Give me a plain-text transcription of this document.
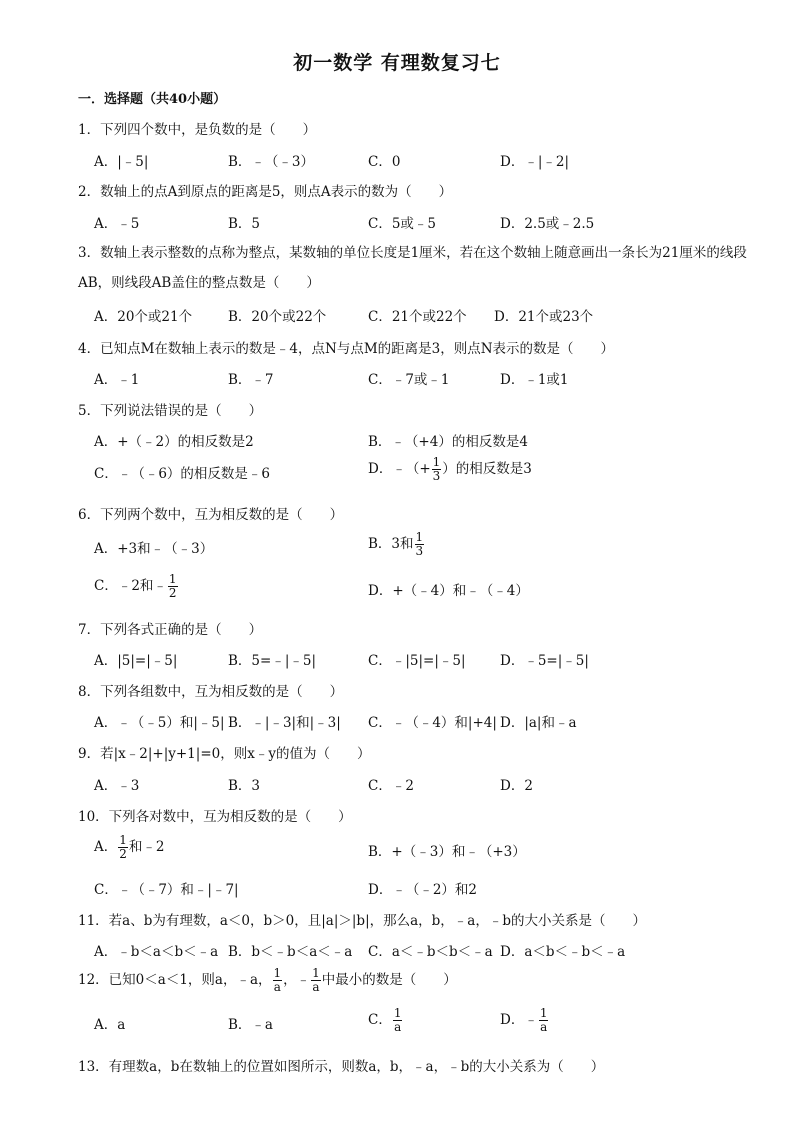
初一数学 有理数复习七
一．选择题（共40小题）
1．下列四个数中，是负数的是（　　）
A．|﹣5|	B．﹣（﹣3）	C．0	D．﹣|﹣2|
2．数轴上的点A到原点的距离是5，则点A表示的数为（　　）
A．﹣5	B．5	C．5或﹣5	D．2.5或﹣2.5
3．数轴上表示整数的点称为整点，某数轴的单位长度是1厘米，若在这个数轴上随意画出一条长为21厘米的线段AB，则线段AB盖住的整点数是（　　）
A．20个或21个	B．20个或22个	C．21个或22个 D．21个或23个
4．已知点M在数轴上表示的数是﹣4，点N与点M的距离是3，则点N表示的数是（　　）
A．﹣1	B．﹣7	C．﹣7或﹣1	D．﹣1或1
5．下列说法错误的是（　　）
A．+（﹣2）的相反数是2	B．﹣（+4）的相反数是4
C．﹣（﹣6）的相反数是﹣6	D．﹣（+ $\frac{1}{3}$ ）的相反数是3
6．下列两个数中，互为相反数的是（　　）
A．+3和﹣（﹣3）	B．3和 $\frac{1}{3}$
C．﹣2和﹣ $\frac{1}{2}$	D．+（﹣4）和﹣（﹣4）
7．下列各式正确的是（　　）
A．|5|=|﹣5|	B．5=﹣|﹣5|	C．﹣|5|=|﹣5|	D．﹣5=|﹣5|
8．下列各组数中，互为相反数的是（　　）
A．﹣（﹣5）和|﹣5| B．﹣|﹣3|和|﹣3| C．﹣（﹣4）和|+4| D．|a|和﹣a
9．若|x﹣2|+|y+1|=0，则x﹣y的值为（　　）
A．﹣3	B．3	C．﹣2	D．2
10．下列各对数中，互为相反数的是（　　）
A． $\frac{1}{2}$ 和﹣2	B．+（﹣3）和﹣（+3）
C．﹣（﹣7）和﹣|﹣7|	D．﹣（﹣2）和2
11．若a、b为有理数，a＜0，b＞0，且|a|＞|b|，那么a，b，﹣a，﹣b的大小关系是（　　）
A．﹣b＜a＜b＜﹣a B．b＜﹣b＜a＜﹣a C．a＜﹣b＜b＜﹣a D．a＜b＜﹣b＜﹣a
12．已知0＜a＜1，则a，﹣a， $\frac{1}{a}$ ，﹣ $\frac{1}{a}$ 中最小的数是（　　）
A．a	B．﹣a	C． $\frac{1}{a}$	D．﹣ $\frac{1}{a}$
13．有理数a，b在数轴上的位置如图所示，则数a，b，﹣a，﹣b的大小关系为（　　）
